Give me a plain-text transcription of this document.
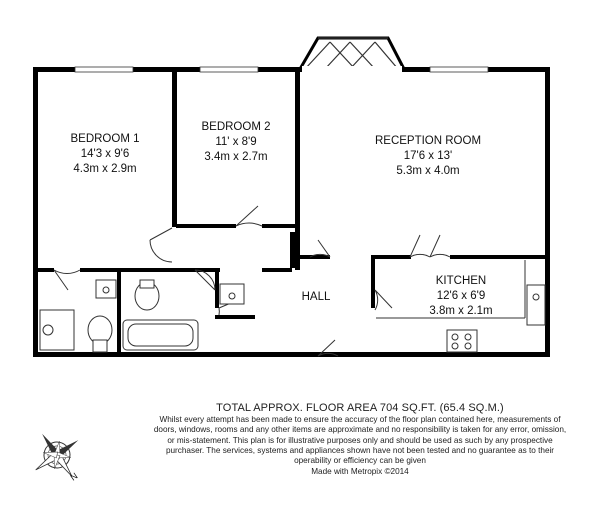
BEDROOM 1
14'3 x 9'6
4.3m x 2.9m
BEDROOM 2
11' x 8'9
3.4m x 2.7m
RECEPTION ROOM
17'6 x 13'
5.3m x 4.0m
KITCHEN
12'6 x 6'9
3.8m x 2.1m
HALL
N
TOTAL APPROX. FLOOR AREA 704 SQ.FT. (65.4 SQ.M.)
Whilst every attempt has been made to ensure the accuracy of the floor plan contained here, measurements of doors, windows, rooms and any other items are approximate and no responsibility is taken for any error, omission, or mis-statement. This plan is for illustrative purposes only and should be used as such by any prospective purchaser. The services, systems and appliances shown have not been tested and no guarantee as to their operability or efficiency can be given
Made with Metropix ©2014
